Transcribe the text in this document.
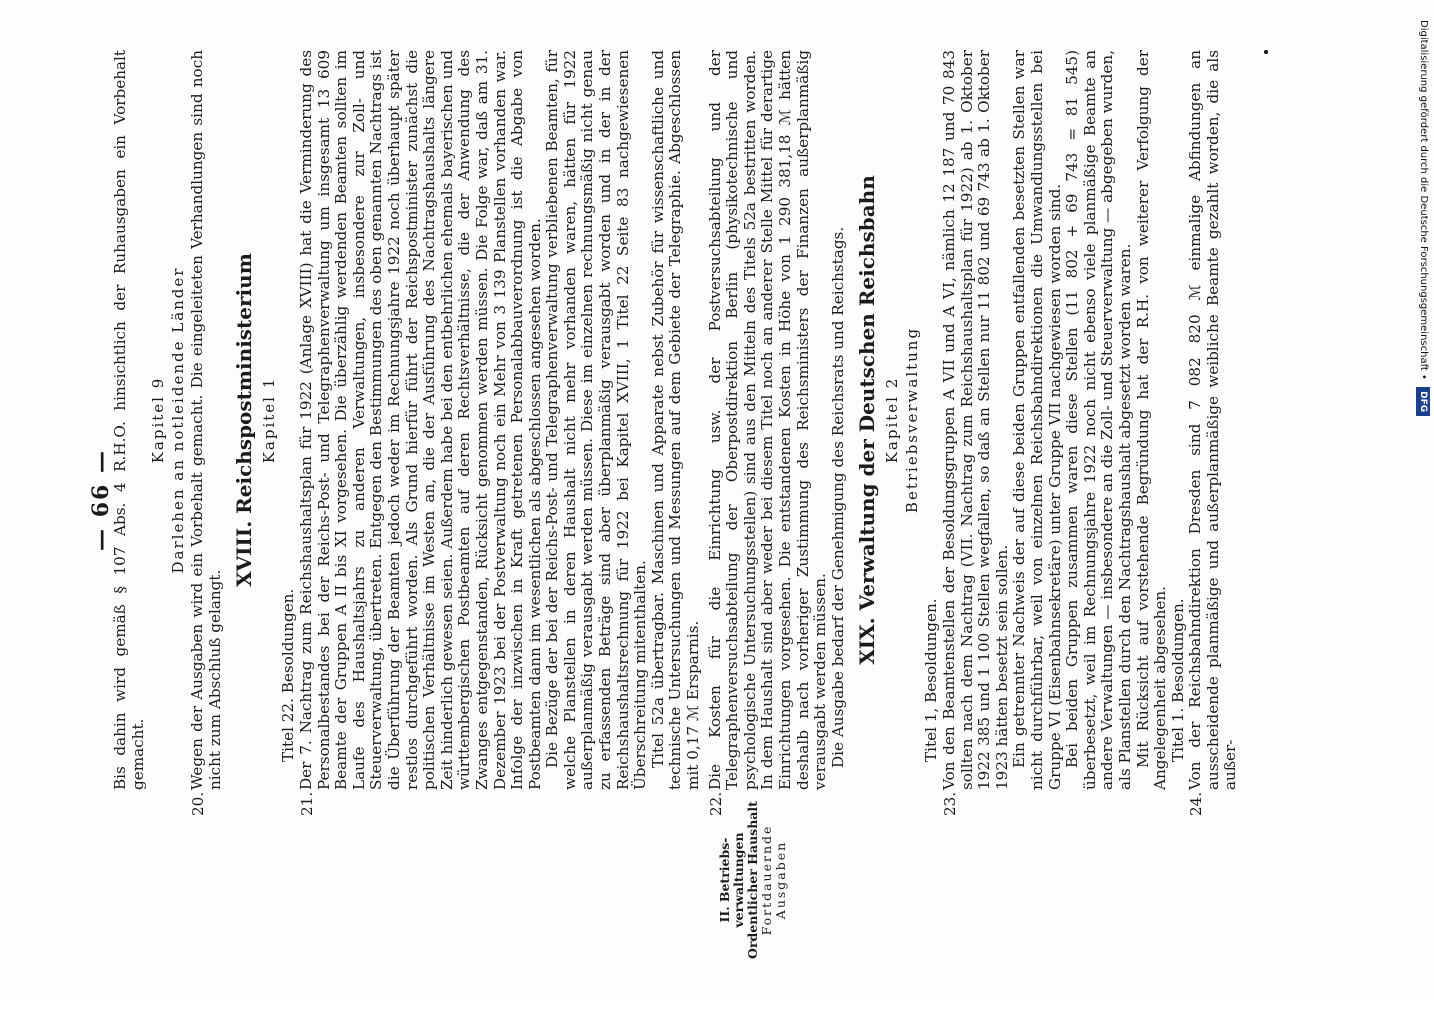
— 66 —
II. Betriebs- verwaltungen Ordentlicher Haushalt Fortdauernde Ausgaben

Bis dahin wird gemäß § 107 Abs. 4 R.H.O. hinsichtlich der Ruhausgaben ein Vorbehalt gemacht.

Kapitel 9 Darlehen an notleidende Länder
20.

Wegen der Ausgaben wird ein Vorbehalt gemacht. Die eingeleiteten Verhandlungen sind noch nicht zum Abschluß gelangt.

XVIII. Reichspostministerium Kapitel 1
Titel 22. Besoldungen.
21.

Der 7. Nachtrag zum Reichshaushaltsplan für 1922 (Anlage XVIII) hat die Verminderung des Personalbestandes bei der Reichs-Post- und Telegraphenverwaltung um insgesamt 13 609 Beamte der Gruppen A II bis XI vorgesehen. Die überzählig werdenden Beamten sollten im Laufe des Haushaltsjahrs zu anderen Verwaltungen, insbesondere zur Zoll- und Steuerverwaltung, übertreten. Entgegen den Bestimmungen des oben genannten Nachtrags ist die Überführung der Beamten jedoch weder im Rechnungsjahre 1922 noch überhaupt später restlos durchgeführt worden. Als Grund hierfür führt der Reichspostminister zunächst die politischen Verhältnisse im Westen an, die der Ausführung des Nachtragshaushalts längere Zeit hinderlich gewesen seien. Außerdem habe bei den entbehrlichen ehemals bayerischen und württembergischen Postbeamten auf deren Rechtsverhältnisse, die der Anwendung des Zwanges entgegenstanden, Rücksicht genommen werden müssen. Die Folge war, daß am 31. Dezember 1923 bei der Postverwaltung noch ein Mehr von 3 139 Planstellen vorhanden war. Infolge der inzwischen in Kraft getretenen Personalabbauverordnung ist die Abgabe von Postbeamten dann im wesentlichen als abgeschlossen angesehen worden. Die Bezüge der bei der Reichs-Post- und Telegraphenverwaltung verbliebenen Beamten, für welche Planstellen in deren Haushalt nicht mehr vorhanden waren, hätten für 1922 außerplanmäßig verausgabt werden müssen. Diese im einzelnen rechnungsmäßig nicht genau zu erfassenden Beträge sind aber überplanmäßig verausgabt worden und in der in der Reichshaushaltsrechnung für 1922 bei Kapitel XVIII, 1 Titel 22 Seite 83 nachgewiesenen Überschreitung mitenthalten. Titel 52a übertragbar. Maschinen und Apparate nebst Zubehör für wissenschaftliche und technische Untersuchungen und Messungen auf dem Gebiete der Telegraphie. Abgeschlossen mit 0,17 ℳ Ersparnis.

22.

Die Kosten für die Einrichtung usw. der Postversuchsabteilung und der Telegraphenversuchsabteilung der Oberpostdirektion Berlin (physikotechnische und psychologische Untersuchungsstellen) sind aus den Mitteln des Titels 52a bestritten worden. In dem Haushalt sind aber weder bei diesem Titel noch an anderer Stelle Mittel für derartige Einrichtungen vorgesehen. Die entstandenen Kosten in Höhe von 1 290 381,18 ℳ hätten deshalb nach vorheriger Zustimmung des Reichsministers der Finanzen außerplanmäßig verausgabt werden müssen. Die Ausgabe bedarf der Genehmigung des Reichsrats und Reichstags. XIX. Verwaltung der Deutschen Reichsbahn Kapitel 2 Betriebsverwaltung
Titel 1, Besoldungen.
23.

Von den Beamtenstellen der Besoldungsgruppen A VII und A VI, nämlich 12 187 und 70 843 sollten nach dem Nachtrag (VII. Nachtrag zum Reichshaushaltsplan für 1922) ab 1. Oktober 1922 385 und 1 100 Stellen wegfallen, so daß an Stellen nur 11 802 und 69 743 ab 1. Oktober 1923 hätten besetzt sein sollen. Ein getrennter Nachweis der auf diese beiden Gruppen entfallenden besetzten Stellen war nicht durchführbar, weil von einzelnen Reichsbahndirektionen die Umwandlungsstellen bei Gruppe VI (Eisenbahnsekretäre) unter Gruppe VII nachgewiesen worden sind. Bei beiden Gruppen zusammen waren diese Stellen (11 802 + 69 743 = 81 545) überbesetzt, weil im Rechnungsjahre 1922 noch nicht ebenso viele planmäßige Beamte an andere Verwaltungen — insbesondere an die Zoll- und Steuerverwaltung — abgegeben wurden, als Planstellen durch den Nachtragshaushalt abgesetzt worden waren. Mit Rücksicht auf vorstehende Begründung hat der R.H. von weiterer Verfolgung der Angelegenheit abgesehen. Titel 1. Besoldungen.
24.

Von der Reichsbahndirektion Dresden sind 7 082 820 ℳ einmalige Abfindungen an ausscheidende planmäßige und außerplanmäßige weibliche Beamte gezahlt worden, die als außer-

Digitalisierung gefördert durch die Deutsche Forschungsgemeinschaft • DFG
